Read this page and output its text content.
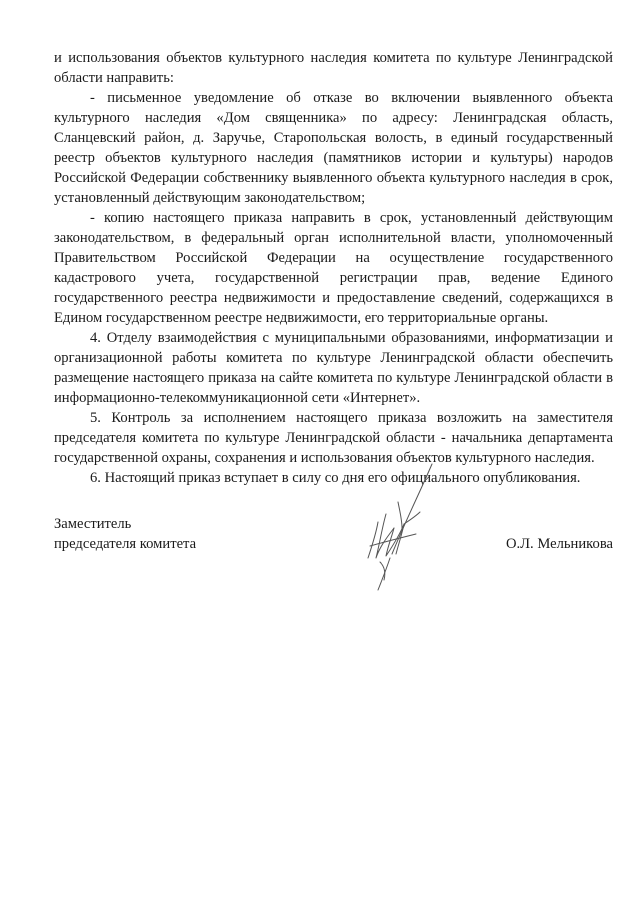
и использования объектов культурного наследия комитета по культуре Ленинградской области направить:

- письменное уведомление об отказе во включении выявленного объекта культурного наследия «Дом священника» по адресу: Ленинградская область, Сланцевский район, д. Заручье, Старопольская волость, в единый государственный реестр объектов культурного наследия (памятников истории и культуры) народов Российской Федерации собственнику выявленного объекта культурного наследия в срок, установленный действующим законодательством;

- копию настоящего приказа направить в срок, установленный действующим законодательством, в федеральный орган исполнительной власти, уполномоченный Правительством Российской Федерации на осуществление государственного кадастрового учета, государственной регистрации прав, ведение Единого государственного реестра недвижимости и предоставление сведений, содержащихся в Едином государственном реестре недвижимости, его территориальные органы.

4. Отделу взаимодействия с муниципальными образованиями, информатизации и организационной работы комитета по культуре Ленинградской области обеспечить размещение настоящего приказа на сайте комитета по культуре Ленинградской области в информационно-телекоммуникационной сети «Интернет».

5. Контроль за исполнением настоящего приказа возложить на заместителя председателя комитета по культуре Ленинградской области - начальника департамента государственной охраны, сохранения и использования объектов культурного наследия.

6. Настоящий приказ вступает в силу со дня его официального опубликования.

Заместитель
председателя комитета	О.Л. Мельникова
